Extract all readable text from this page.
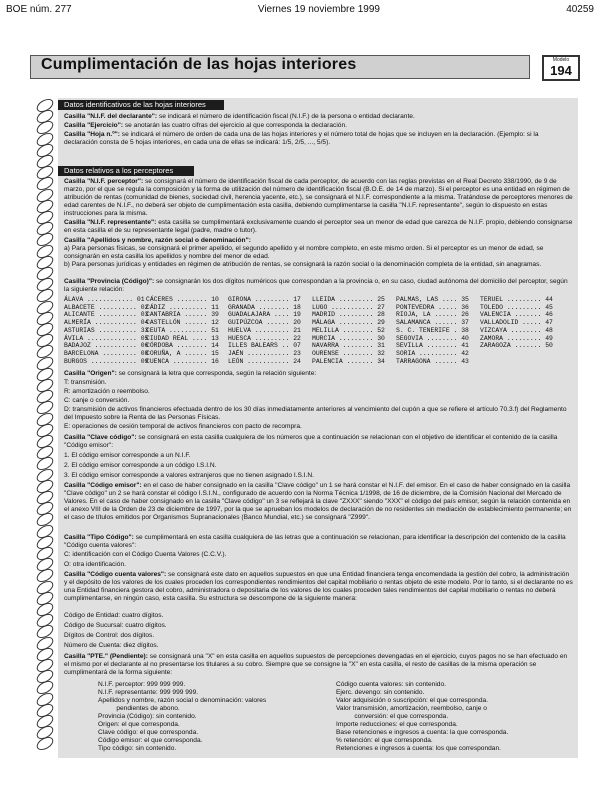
BOE núm. 277	Viernes 19 noviembre 1999	40259
Cumplimentación de las hojas interiores	Modelo
194
Datos identificativos de las hojas interiores
Casilla "N.I.F. del declarante": se indicará el número de identificación fiscal (N.I.F.) de la persona o entidad declarante.
Casilla "Ejercicio": se anotarán las cuatro cifras del ejercicio al que corresponda la declaración.
Casilla "Hoja n.º": se indicará el número de orden de cada una de las hojas interiores y el número total de hojas que se incluyen en la declaración. (Ejemplo: si la declaración consta de 5 hojas interiores, en cada una de ellas se indicará: 1/5, 2/5, ..., 5/5).
Datos relativos a los perceptores
Casilla "N.I.F. perceptor": se consignará el número de identificación fiscal de cada perceptor, de acuerdo con las reglas previstas en el Real Decreto 338/1990, de 9 de marzo, por el que se regula la composición y la forma de utilización del número de identificación fiscal (B.O.E. de 14 de marzo). Si el perceptor es una entidad en régimen de atribución de rentas (comunidad de bienes, sociedad civil, herencia yacente, etc.), se consignará el N.I.F. correspondiente a la misma. Tratándose de perceptores menores de edad carentes de N.I.F., no deberá ser objeto de cumplimentación esta casilla, debiendo cumplimentarse la casilla "N.I.F. representante", según lo dispuesto en estas instrucciones para la misma.
Casilla "N.I.F. representante": esta casilla se cumplimentará exclusivamente cuando el perceptor sea un menor de edad que carezca de N.I.F. propio, debiendo consignarse en esta casilla el de su representante legal (padre, madre o tutor).
Casilla "Apellidos y nombre, razón social o denominación":
a) Para personas físicas, se consignará el primer apellido, el segundo apellido y el nombre completo, en este mismo orden. Si el perceptor es un menor de edad, se consignarán en esta casilla los apellidos y nombre del menor de edad.
b) Para personas jurídicas y entidades en régimen de atribución de rentas, se consignará la razón social o la denominación completa de la entidad, sin anagramas.
Casilla "Provincia (Código)": se consignarán los dos dígitos numéricos que correspondan a la provincia o, en su caso, ciudad autónoma del domicilio del perceptor, según la siguiente relación:
ÁLAVA ............ 01
ALBACETE .......... 02
ALICANTE .......... 03
ALMERÍA ........... 04
ASTURIAS .......... 33
ÁVILA ............. 05
BADAJOZ ........... 06
BARCELONA ......... 08
BURGOS ............ 09
CÁCERES ........ 10
CÁDIZ .......... 11
CANTABRIA ...... 39
CASTELLÓN ...... 12
CEUTA .......... 51
CIUDAD REAL .... 13
CÓRDOBA ........ 14
CORUÑA, A ...... 15
CUENCA ......... 16
GIRONA ......... 17
GRANADA ........ 18
GUADALAJARA .... 19
GUIPÚZCOA ...... 20
HUELVA ......... 21
HUESCA ......... 22
ILLES BALEARS .. 07
JAÉN ........... 23
LEÓN ........... 24
LLEIDA ......... 25
LUGO ........... 27
MADRID ......... 28
MÁLAGA ......... 29
MELILLA ........ 52
MURCIA ......... 30
NAVARRA ........ 31
OURENSE ........ 32
PALENCIA ....... 34
PALMAS, LAS .... 35
PONTEVEDRA ..... 36
RIOJA, LA ...... 26
SALAMANCA ...... 37
S. C. TENERIFE . 38
SEGOVIA ........ 40
SEVILLA ........ 41
SORIA .......... 42
TARRAGONA ...... 43
TERUEL ......... 44
TOLEDO ......... 45
VALENCIA ....... 46
VALLADOLID ..... 47
VIZCAYA ........ 48
ZAMORA ......... 49
ZARAGOZA ....... 50
Casilla "Origen": se consignará la letra que corresponda, según la relación siguiente:
T: transmisión.
R: amortización o reembolso.
C: canje o conversión.
D: transmisión de activos financieros efectuada dentro de los 30 días inmediatamente anteriores al vencimiento del cupón a que se refiere el artículo 70.3.f) del Reglamento del Impuesto sobre la Renta de las Personas Físicas.
E: operaciones de cesión temporal de activos financieros con pacto de recompra.
Casilla "Clave código": se consignará en esta casilla cualquiera de los números que a continuación se relacionan con el objetivo de identificar el contenido de la casilla "Código emisor":
1. El código emisor corresponde a un N.I.F.
2. El código emisor corresponde a un código I.S.I.N.
3. El código emisor corresponde a valores extranjeros que no tienen asignado I.S.I.N.
Casilla "Código emisor": en el caso de haber consignado en la casilla "Clave código" un 1 se hará constar el N.I.F. del emisor. En el caso de haber consignado en la casilla "Clave código" un 2 se hará constar el código I.S.I.N., configurado de acuerdo con la Norma Técnica 1/1998, de 16 de diciembre, de la Comisión Nacional del Mercado de Valores. En el caso de haber consignado en la casilla "Clave código" un 3 se reflejará la clave "ZXXX" siendo "XXX" el código del país emisor, según la relación contenida en el anexo VIII de la Orden de 23 de diciembre de 1997, por la que se aprueban los modelos de declaración de no residentes sin mediación de establecimiento permanente; en el caso de títulos emitidos por Organismos Supranacionales (Banco Mundial, etc.) se consignará "Z999".
Casilla "Tipo Código": se cumplimentará en esta casilla cualquiera de las letras que a continuación se relacionan, para identificar la descripción del contenido de la casilla "Código cuenta valores":
C: identificación con el Código Cuenta Valores (C.C.V.).
O: otra identificación.
Casilla "Código cuenta valores": se consignará este dato en aquellos supuestos en que una Entidad financiera tenga encomendada la gestión del cobro, la administración y el depósito de los valores de los cuales proceden los correspondientes rendimientos del capital mobiliario o rentas objeto de este modelo. Por lo tanto, si el declarante no es una Entidad financiera gestora del cobro, administradora o depositaria de los valores de los cuales proceden tales rendimientos del capital mobiliario o rentas no deberá cumplimentarse, en ningún caso, esta casilla. Su estructura se descompone de la siguiente manera:
Código de Entidad: cuatro dígitos.
Código de Sucursal: cuatro dígitos.
Dígitos de Control: dos dígitos.
Número de Cuenta: diez dígitos.
Casilla "PTE." (Pendiente): se consignará una "X" en esta casilla en aquellos supuestos de percepciones devengadas en el ejercicio, cuyos pagos no se han efectuado en el mismo por el declarante al no presentarse los titulares a su cobro. Siempre que se consigne la "X" en esta casilla, el resto de casillas de la misma operación se cumplimentará de la forma siguiente:
N.I.F. perceptor: 999 999 999.
N.I.F. representante: 999 999 999.
Apellidos y nombre, razón social o denominación: valores
pendientes de abono.
Provincia (Código): sin contenido.
Origen: el que corresponda.
Clave código: el que corresponda.
Código emisor: el que corresponda.
Tipo código: sin contenido.
Código cuenta valores: sin contenido.
Ejerc. devengo: sin contenido.
Valor adquisición o suscripción: el que corresponda.
Valor transmisión, amortización, reembolso, canje o
conversión: el que corresponda.
Importe reducciones: el que corresponda.
Base retenciones e ingresos a cuenta: la que corresponda.
% retención: el que corresponda.
Retenciones e ingresos a cuenta: los que correspondan.
